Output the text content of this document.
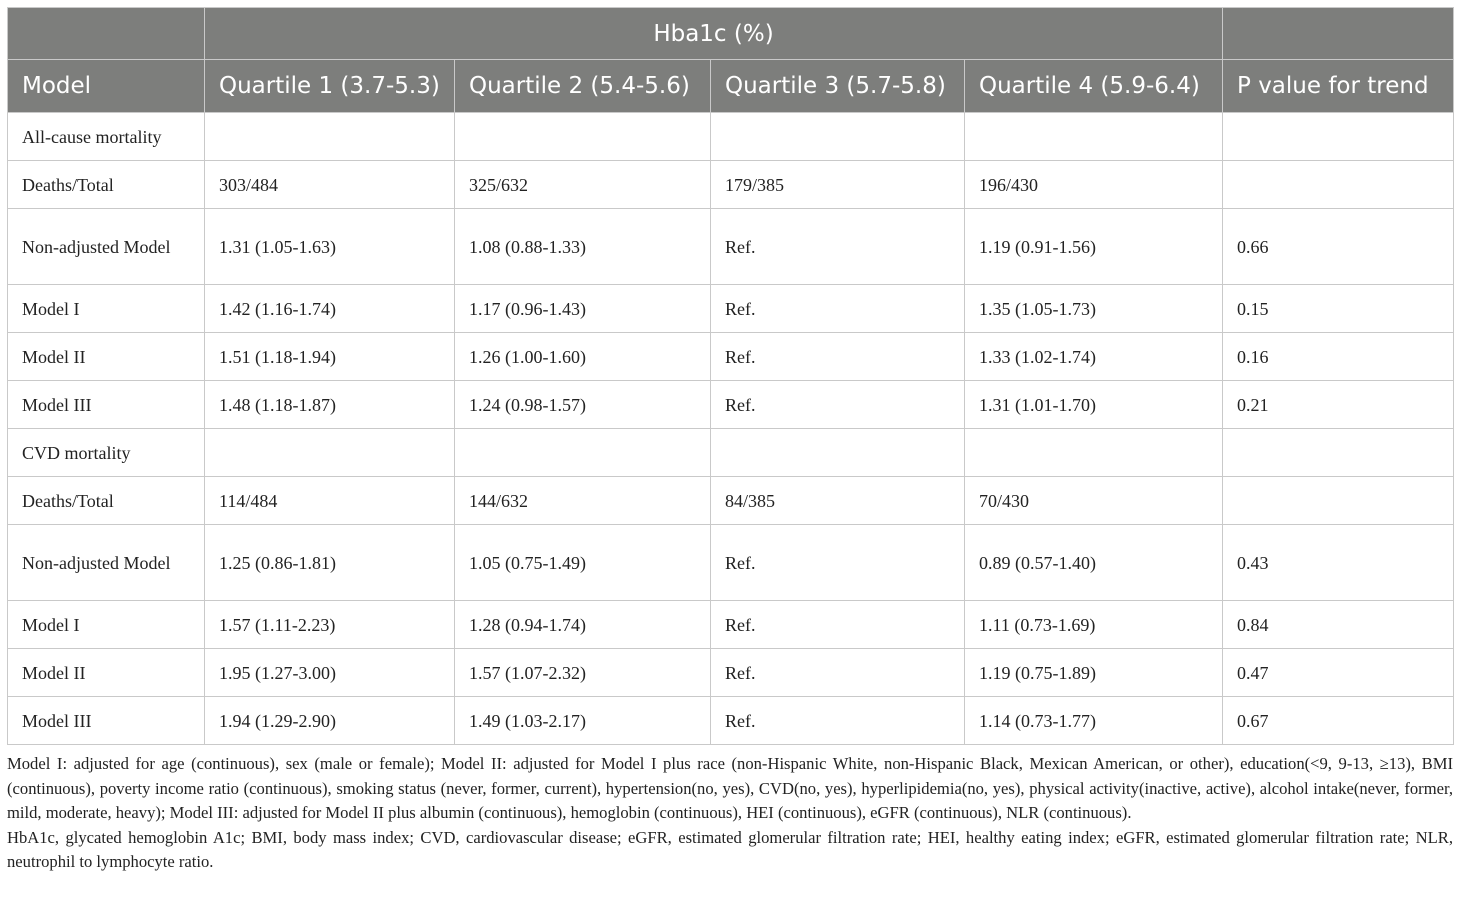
	Hba1c (%)				
Model	Quartile 1 (3.7-5.3)	Quartile 2 (5.4-5.6)	Quartile 3 (5.7-5.8)	Quartile 4 (5.9-6.4)	P value for trend
All-cause mortality					
Deaths/Total	303/484	325/632	179/385	196/430	
Non-adjusted Model	1.31 (1.05-1.63)	1.08 (0.88-1.33)	Ref.	1.19 (0.91-1.56)	0.66
Model I	1.42 (1.16-1.74)	1.17 (0.96-1.43)	Ref.	1.35 (1.05-1.73)	0.15
Model II	1.51 (1.18-1.94)	1.26 (1.00-1.60)	Ref.	1.33 (1.02-1.74)	0.16
Model III	1.48 (1.18-1.87)	1.24 (0.98-1.57)	Ref.	1.31 (1.01-1.70)	0.21
CVD mortality					
Deaths/Total	114/484	144/632	84/385	70/430	
Non-adjusted Model	1.25 (0.86-1.81)	1.05 (0.75-1.49)	Ref.	0.89 (0.57-1.40)	0.43
Model I	1.57 (1.11-2.23)	1.28 (0.94-1.74)	Ref.	1.11 (0.73-1.69)	0.84
Model II	1.95 (1.27-3.00)	1.57 (1.07-2.32)	Ref.	1.19 (0.75-1.89)	0.47
Model III	1.94 (1.29-2.90)	1.49 (1.03-2.17)	Ref.	1.14 (0.73-1.77)	0.67

Model I: adjusted for age (continuous), sex (male or female); Model II: adjusted for Model I plus race (non-Hispanic White, non-Hispanic Black, Mexican American, or other), education(<9, 9-13, ≥13), BMI (continuous), poverty income ratio (continuous), smoking status (never, former, current), hypertension(no, yes), CVD(no, yes), hyperlipidemia(no, yes), physical activity(inactive, active), alcohol intake(never, former, mild, moderate, heavy); Model III: adjusted for Model II plus albumin (continuous), hemoglobin (continuous), HEI (continuous), eGFR (continuous), NLR (continuous).

HbA1c, glycated hemoglobin A1c; BMI, body mass index; CVD, cardiovascular disease; eGFR, estimated glomerular filtration rate; HEI, healthy eating index; eGFR, estimated glomerular filtration rate; NLR, neutrophil to lymphocyte ratio.
